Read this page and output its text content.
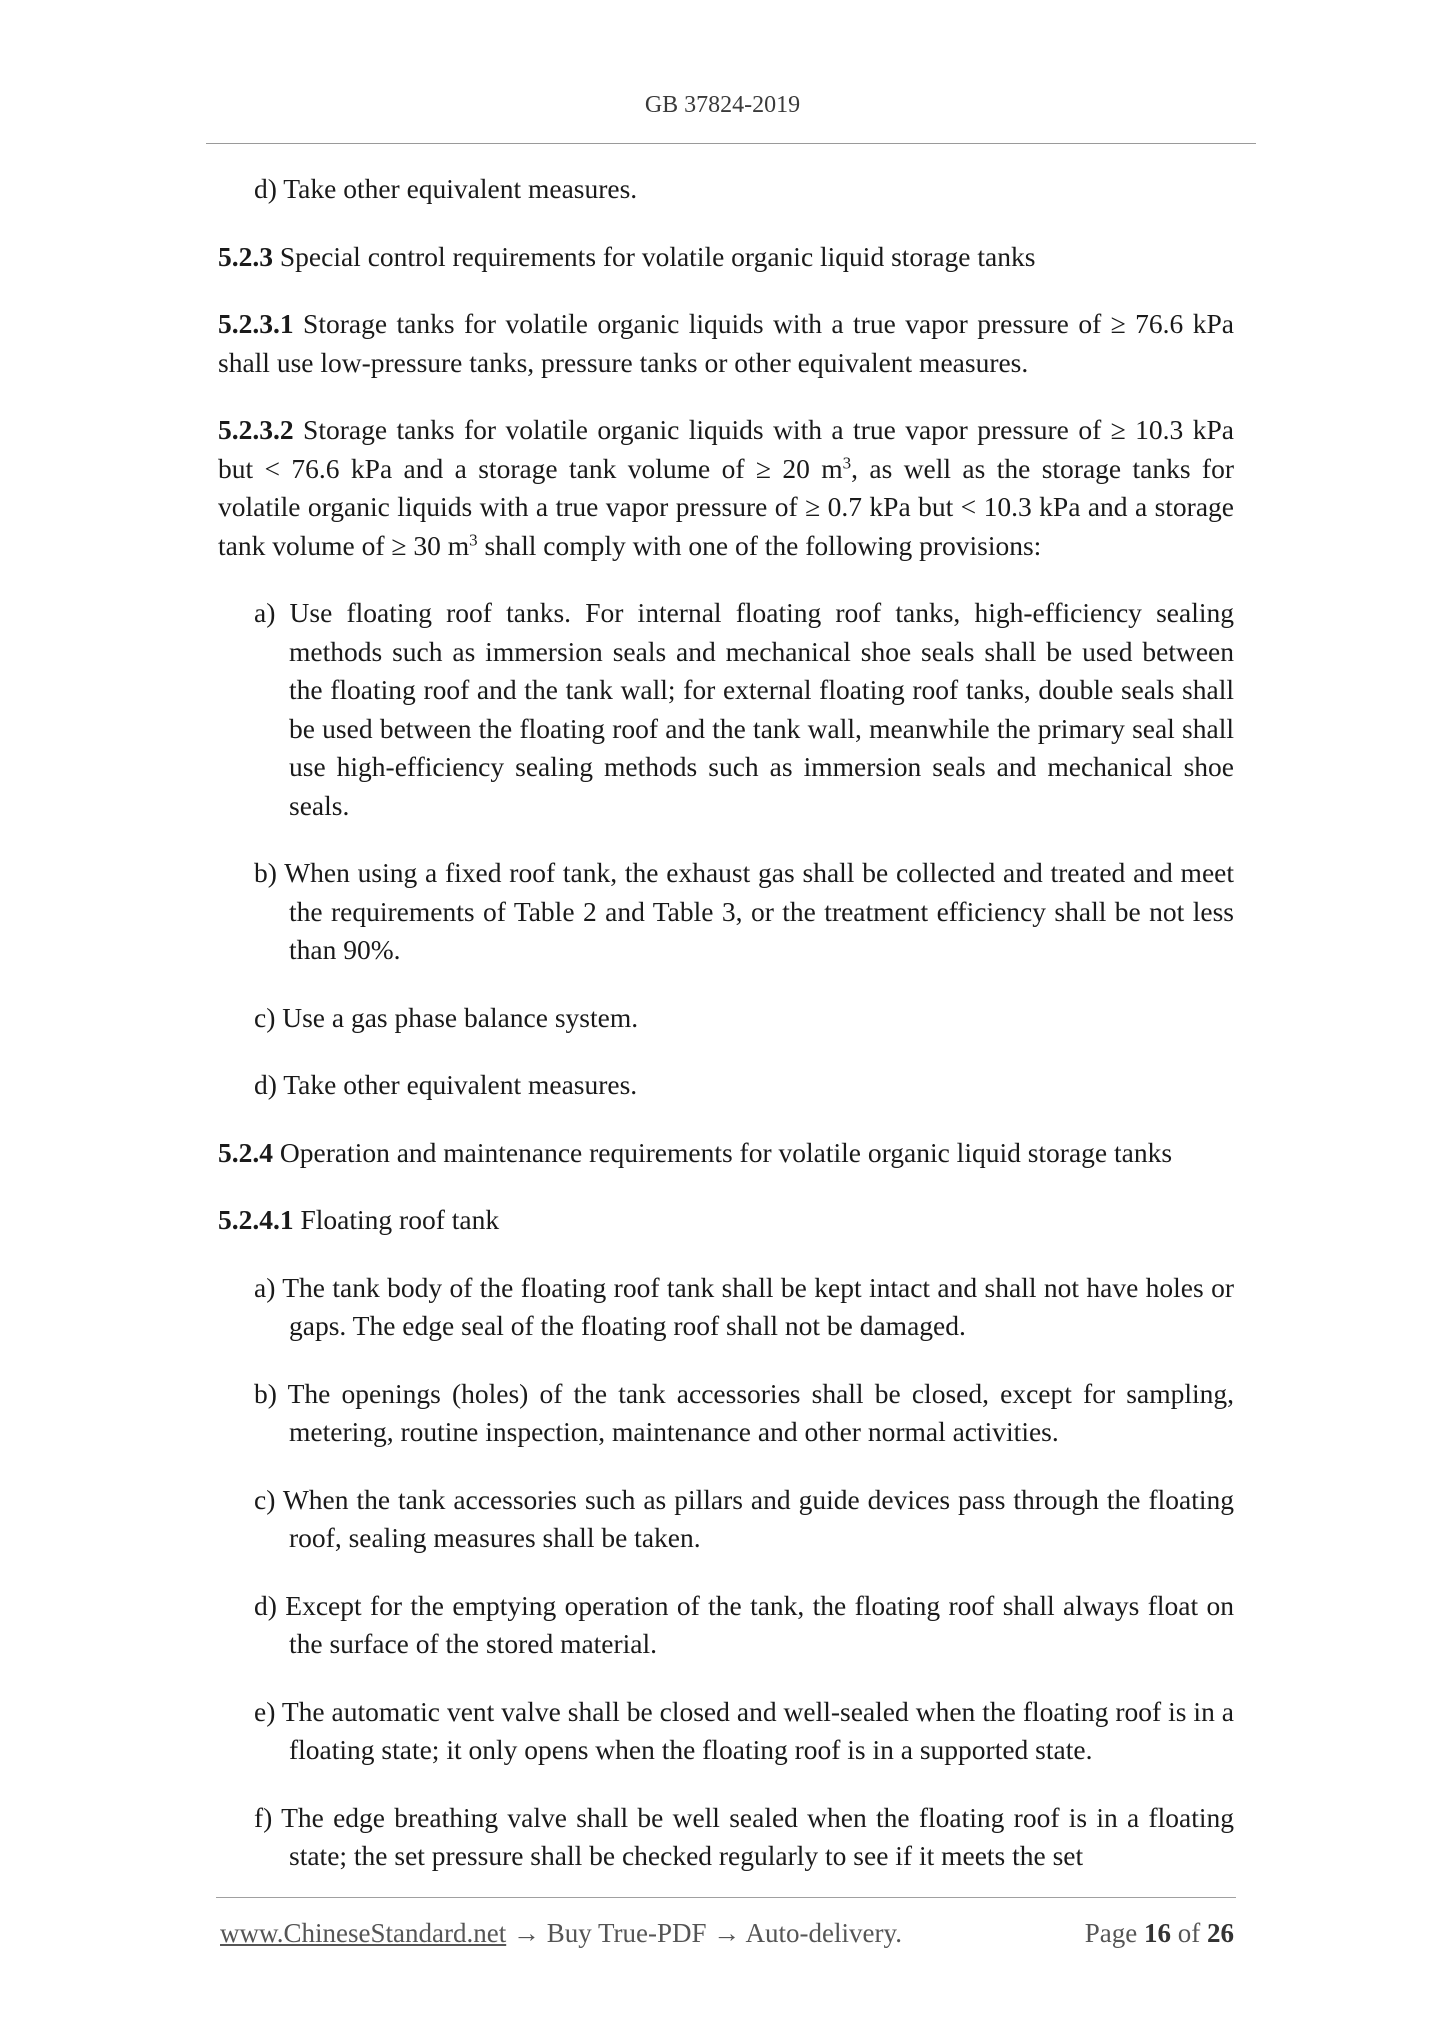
GB 37824-2019

d) Take other equivalent measures.

5.2.3 Special control requirements for volatile organic liquid storage tanks

5.2.3.1 Storage tanks for volatile organic liquids with a true vapor pressure of ≥ 76.6 kPa shall use low-pressure tanks, pressure tanks or other equivalent measures.

5.2.3.2 Storage tanks for volatile organic liquids with a true vapor pressure of ≥ 10.3 kPa but < 76.6 kPa and a storage tank volume of ≥ 20 $m^3$, as well as the storage tanks for volatile organic liquids with a true vapor pressure of ≥ 0.7 kPa but < 10.3 kPa and a storage tank volume of ≥ 30 $m^3$ shall comply with one of the following provisions:

a) Use floating roof tanks. For internal floating roof tanks, high-efficiency sealing methods such as immersion seals and mechanical shoe seals shall be used between the floating roof and the tank wall; for external floating roof tanks, double seals shall be used between the floating roof and the tank wall, meanwhile the primary seal shall use high-efficiency sealing methods such as immersion seals and mechanical shoe seals.

b) When using a fixed roof tank, the exhaust gas shall be collected and treated and meet the requirements of Table 2 and Table 3, or the treatment efficiency shall be not less than 90%.

c) Use a gas phase balance system.

d) Take other equivalent measures.

5.2.4 Operation and maintenance requirements for volatile organic liquid storage tanks

5.2.4.1 Floating roof tank

a) The tank body of the floating roof tank shall be kept intact and shall not have holes or gaps. The edge seal of the floating roof shall not be damaged.

b) The openings (holes) of the tank accessories shall be closed, except for sampling, metering, routine inspection, maintenance and other normal activities.

c) When the tank accessories such as pillars and guide devices pass through the floating roof, sealing measures shall be taken.

d) Except for the emptying operation of the tank, the floating roof shall always float on the surface of the stored material.

e) The automatic vent valve shall be closed and well-sealed when the floating roof is in a floating state; it only opens when the floating roof is in a supported state.

f) The edge breathing valve shall be well sealed when the floating roof is in a floating state; the set pressure shall be checked regularly to see if it meets the set

www.ChineseStandard.net → Buy True-PDF → Auto-delivery.	Page 16 of 26
